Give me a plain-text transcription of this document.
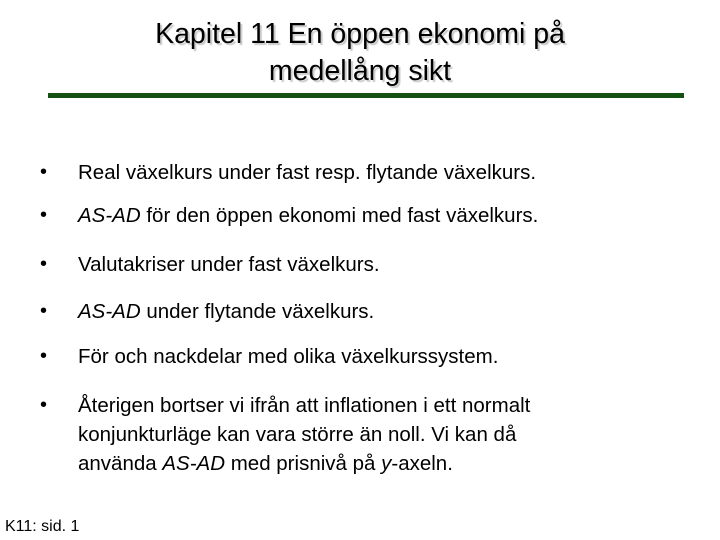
Kapitel 11 En öppen ekonomi på
medellång sikt
•	Real växelkurs under fast resp. flytande växelkurs.
•	AS-AD för den öppen ekonomi med fast växelkurs.
•	Valutakriser under fast växelkurs.
•	AS-AD under flytande växelkurs.
•	För och nackdelar med olika växelkurssystem.
•	Återigen bortser vi ifrån att inflationen i ett normalt
konjunkturläge kan vara större än noll. Vi kan då
använda AS-AD med prisnivå på y-axeln.
K11: sid. 1
